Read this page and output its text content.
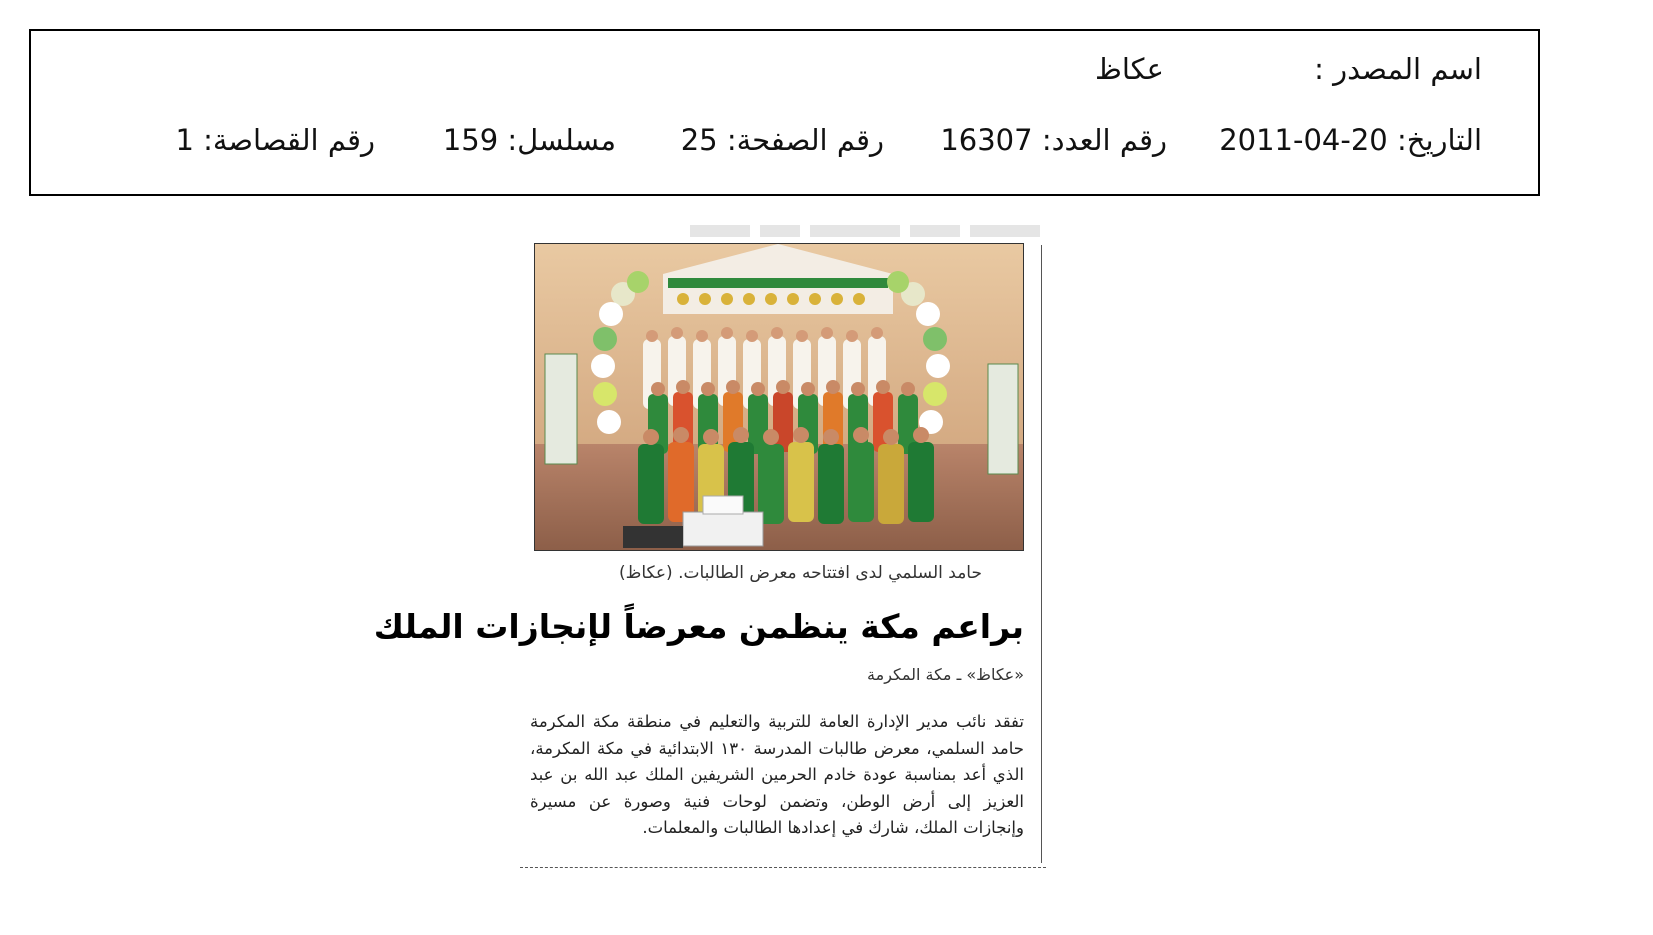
اسم المصدر :
عكاظ
التاريخ: 2011-04-20
رقم العدد: 16307
رقم الصفحة: 25
مسلسل: 159
رقم القصاصة: 1
حامد السلمي لدى افتتاحه معرض الطالبات. (عكاظ)
براعم مكة ينظمن معرضاً لإنجازات الملك
«عكاظ» ـ مكة المكرمة
تفقد نائب مدير الإدارة العامة للتربية والتعليم في منطقة مكة المكرمة حامد السلمي، معرض طالبات المدرسة ١٣٠ الابتدائية في مكة المكرمة، الذي أعد بمناسبة عودة خادم الحرمين الشريفين الملك عبد الله بن عبد العزيز إلى أرض الوطن، وتضمن لوحات فنية وصورة عن مسيرة وإنجازات الملك، شارك في إعدادها الطالبات والمعلمات.
